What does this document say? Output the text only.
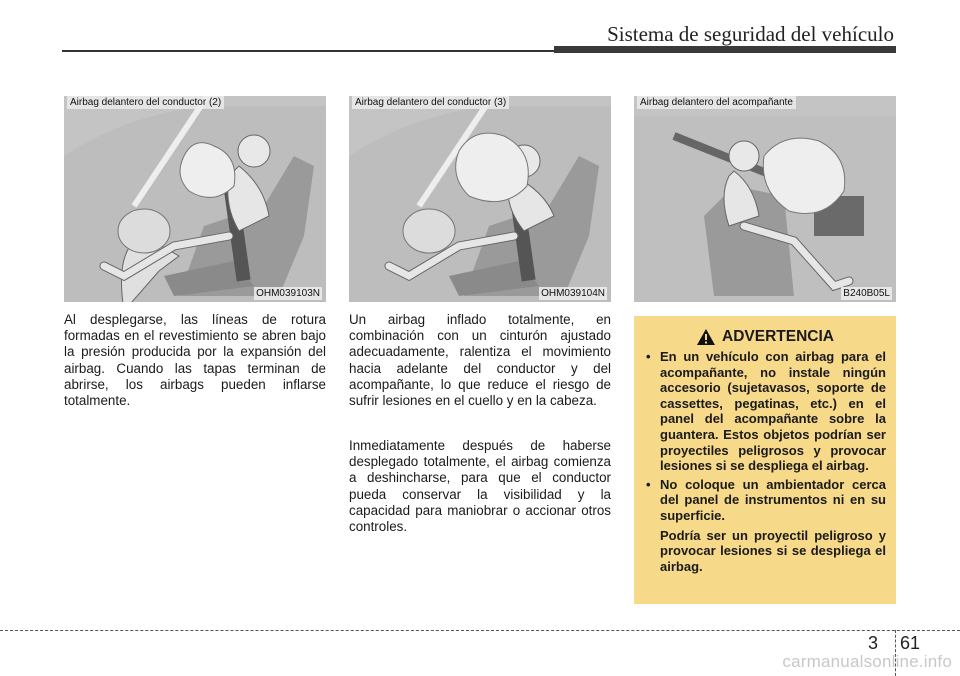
Sistema de seguridad del vehículo
Airbag delantero del conductor (2)
OHM039103N
Airbag delantero del conductor (3)
OHM039104N
Airbag delantero del acompañante
B240B05L

Al desplegarse, las líneas de rotura formadas en el revestimiento se abren bajo la presión producida por la expansión del airbag. Cuando las tapas terminan de abrirse, los airbags pueden inflarse totalmente.

Un airbag inflado totalmente, en combinación con un cinturón ajustado adecuadamente, ralentiza el movimiento hacia adelante del conductor y del acompañante, lo que reduce el riesgo de sufrir lesiones en el cuello y en la cabeza.

Inmediatamente después de haberse desplegado totalmente, el airbag comienza a deshincharse, para que el conductor pueda conservar la visibilidad y la capacidad para maniobrar o accionar otros controles.

ADVERTENCIA
• En un vehículo con airbag para el acompañante, no instale ningún accesorio (sujetavasos, soporte de cassettes, pegatinas, etc.) en el panel del acompañante sobre la guantera. Estos objetos podrían ser proyectiles peligrosos y provocar lesiones si se despliega el airbag.
• No coloque un ambientador cerca del panel de instrumentos ni en su superficie.
Podría ser un proyectil peligroso y provocar lesiones si se despliega el airbag.
3 61
carmanualsonline.info
